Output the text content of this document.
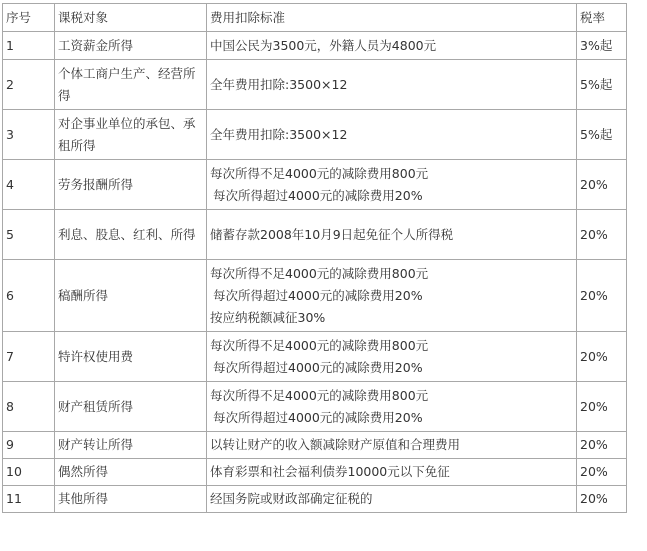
序号	课税对象	费用扣除标准	税率
1	工资薪金所得	中国公民为3500元，外籍人员为4800元	3%起
2	个体工商户生产、经营所得	全年费用扣除:3500×12	5%起
3	对企事业单位的承包、承租所得	全年费用扣除:3500×12	5%起
4	劳务报酬所得	每次所得不足4000元的减除费用800元
每次所得超过4000元的减除费用20%	20%
5	利息、股息、红利、所得	储蓄存款2008年10月9日起免征个人所得税	20%
6	稿酬所得	每次所得不足4000元的减除费用800元
每次所得超过4000元的减除费用20%
按应纳税额减征30%	20%
7	特许权使用费	每次所得不足4000元的减除费用800元
每次所得超过4000元的减除费用20%	20%
8	财产租赁所得	每次所得不足4000元的减除费用800元
每次所得超过4000元的减除费用20%	20%
9	财产转让所得	以转让财产的收入额减除财产原值和合理费用	20%
10	偶然所得	体育彩票和社会福利债券10000元以下免征	20%
11	其他所得	经国务院或财政部确定征税的	20%
